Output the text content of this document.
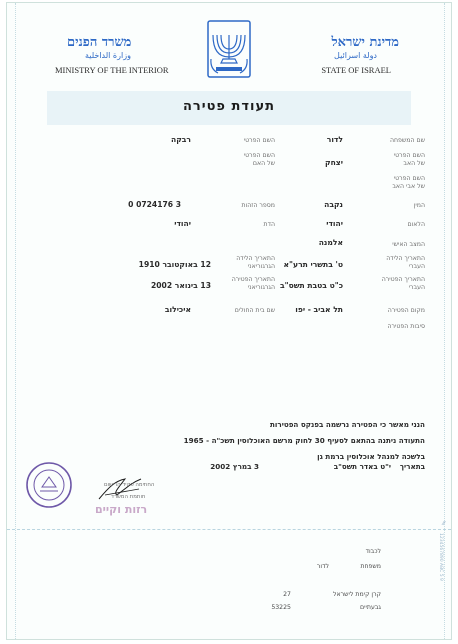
מדינת ישראל
دولة اسرائيل
STATE OF ISRAEL
משרד הפנים
وزارة الداخلية
MINISTRY OF THE INTERIOR
תעודת פטירה
שם המשפחה
לדור
השם הפרטי
רבקה
השם הפרטי
של האב
יצחק
השם הפרטי
של האם
השם הפרטי
של אבי האב
המין
נקבה
מספר הזהות
0 0724176 3
הלאום
יהודי
הדת
יהודי
המצב האישי
אלמנה
התאריך הלידה
העברי
ט' בתשרי תרע"א
התאריך הלידה
הגרגוריאני
12 באוקטובר 1910
התאריך הפטירה
העברי
כ"ט בטבת תשס"ב
התאריך הפטירה
הגרגוריאני
13 בינואר 2002
מקום הפטירה
תל אביב - יפו
שם בית החולים
איכילוב
סיבות הפטירה
הנני מאשר כי הפטירה נרשמה בפנקס הפטירות
התעודה ניתנה בהתאם לסעיף 30 לחוק מרשם האוכלוסין תשכ"ה - 1965
בלשכה למנהל אוכלוסין ברמת גן
בתאריך
י"ט באדר תשס"ב
3 במרץ 2002
החתימה פקיד הרישום
חותמת המשרד
רזות וקיים
⁄⁄⁄
לכבוד
משפחת
לדור
קרן קימת לישראל
27
גבעתיים
53225
1234567890 ABC 5 9
